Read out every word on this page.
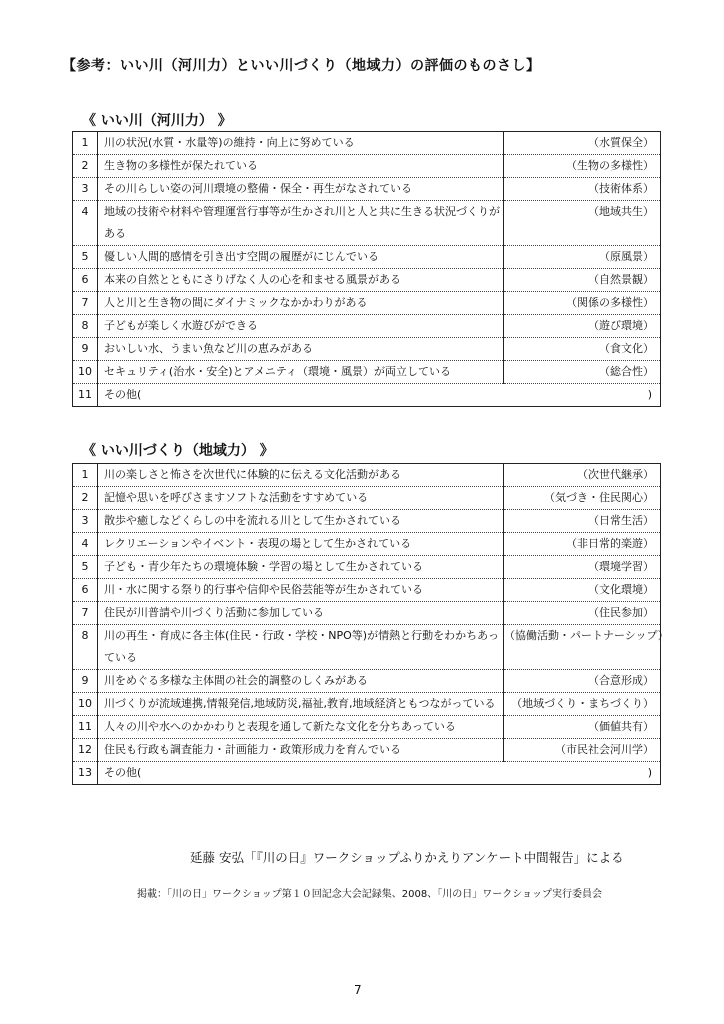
【参考：いい川（河川力）といい川づくり（地域力）の評価のものさし】
《 いい川（河川力） 》
1	川の状況(水質・水量等)の維持・向上に努めている	（水質保全）
2	生き物の多様性が保たれている	（生物の多様性）
3	その川らしい姿の河川環境の整備・保全・再生がなされている	（技術体系）
4	地域の技術や材料や管理運営行事等が生かされ川と人と共に生きる状況づくりがある	（地域共生）
5	優しい人間的感情を引き出す空間の履歴がにじんでいる	（原風景）
6	本来の自然とともにさりげなく人の心を和ませる風景がある	（自然景観）
7	人と川と生き物の間にダイナミックなかかわりがある	（関係の多様性）
8	子どもが楽しく水遊びができる	（遊び環境）
9	おいしい水、うまい魚など川の恵みがある	（食文化）
10	セキュリティ(治水・安全)とアメニティ（環境・風景）が両立している	（総合性）
11	その他( )	
《 いい川づくり（地域力） 》
1	川の楽しさと怖さを次世代に体験的に伝える文化活動がある	（次世代継承）
2	記憶や思いを呼びさますソフトな活動をすすめている	（気づき・住民関心）
3	散歩や癒しなどくらしの中を流れる川として生かされている	（日常生活）
4	レクリエーションやイベント・表現の場として生かされている	（非日常的楽遊）
5	子ども・青少年たちの環境体験・学習の場として生かされている	（環境学習）
6	川・水に関する祭り的行事や信仰や民俗芸能等が生かされている	（文化環境）
7	住民が川普請や川づくり活動に参加している	（住民参加）
8	川の再生・育成に各主体(住民・行政・学校・NPO等)が情熱と行動をわかちあっている	（協働活動・パートナーシップ）
9	川をめぐる多様な主体間の社会的調整のしくみがある	（合意形成）
10	川づくりが流域連携,情報発信,地域防災,福祉,教育,地域経済ともつながっている	（地域づくり・まちづくり）
11	人々の川や水へのかかわりと表現を通して新たな文化を分ちあっている	（価値共有）
12	住民も行政も調査能力・計画能力・政策形成力を育んでいる	（市民社会河川学）
13	その他( )	
延藤 安弘「『川の日』ワークショップふりかえりアンケート中間報告」による
掲載：「川の日」ワークショップ第１０回記念大会記録集、2008、「川の日」ワークショップ実行委員会
7
